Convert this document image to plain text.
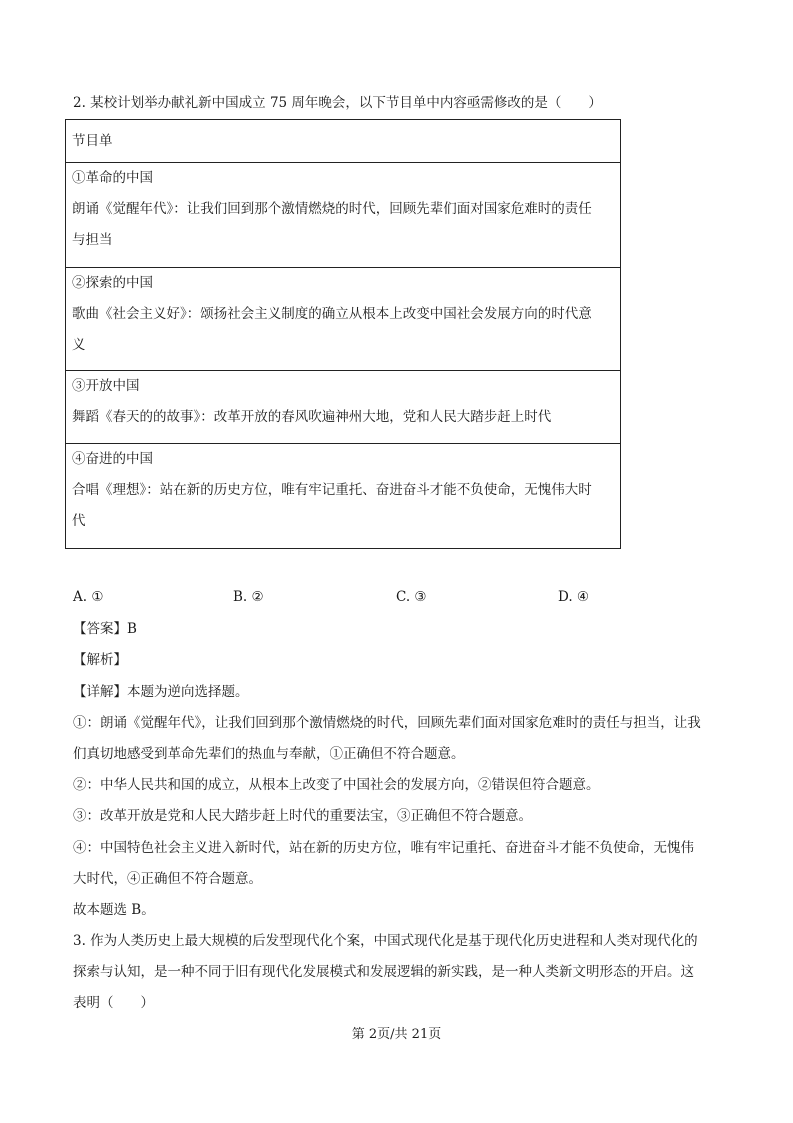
2. 某校计划举办献礼新中国成立 75 周年晚会，以下节目单中内容亟需修改的是（　　）
节目单

①革命的中国
朗诵《觉醒年代》：让我们回到那个激情燃烧的时代，回顾先辈们面对国家危难时的责任
与担当

②探索的中国
歌曲《社会主义好》：颂扬社会主义制度的确立从根本上改变中国社会发展方向的时代意
义

③开放中国
舞蹈《春天的的故事》：改革开放的春风吹遍神州大地，党和人民大踏步赶上时代

④奋进的中国
合唱《理想》：站在新的历史方位，唯有牢记重托、奋进奋斗才能不负使命，无愧伟大时
代
A. ①	B. ②	C. ③	D. ④
【答案】B
【解析】
【详解】本题为逆向选择题。
①：朗诵《觉醒年代》，让我们回到那个激情燃烧的时代，回顾先辈们面对国家危难时的责任与担当，让我
们真切地感受到革命先辈们的热血与奉献，①正确但不符合题意。
②：中华人民共和国的成立，从根本上改变了中国社会的发展方向，②错误但符合题意。
③：改革开放是党和人民大踏步赶上时代的重要法宝，③正确但不符合题意。
④：中国特色社会主义进入新时代，站在新的历史方位，唯有牢记重托、奋进奋斗才能不负使命，无愧伟
大时代，④正确但不符合题意。
故本题选 B。
3. 作为人类历史上最大规模的后发型现代化个案，中国式现代化是基于现代化历史进程和人类对现代化的
探索与认知，是一种不同于旧有现代化发展模式和发展逻辑的新实践，是一种人类新文明形态的开启。这
表明（　　）
第 2页/共 21页
